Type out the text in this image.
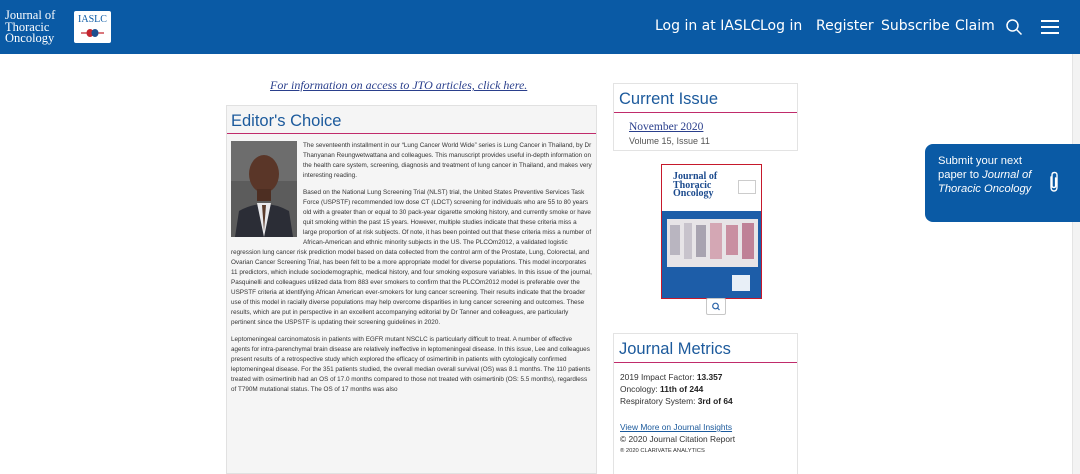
Journal of
Thoracic
Oncology
IASLC	Log in at IASLC Log in Register Subscribe Claim
For information on access to JTO articles, click here.
Editor's Choice

The seventeenth installment in our “Lung Cancer World Wide” series is Lung Cancer in Thailand, by Dr Thanyanan Reungwetwattana and colleagues. This manuscript provides useful in-depth information on the health care system, screening, diagnosis and treatment of lung cancer in Thailand, and makes very interesting reading.

Based on the National Lung Screening Trial (NLST) trial, the United States Preventive Services Task Force (USPSTF) recommended low dose CT (LDCT) screening for individuals who are 55 to 80 years old with a greater than or equal to 30 pack-year cigarette smoking history, and currently smoke or have quit smoking within the past 15 years. However, multiple studies indicate that these criteria miss a large proportion of at risk subjects. Of note, it has been pointed out that these criteria miss a number of African-American and ethnic minority subjects in the US. The PLCOm2012, a validated logistic regression lung cancer risk prediction model based on data collected from the control arm of the Prostate, Lung, Colorectal, and Ovarian Cancer Screening Trial, has been felt to be a more appropriate model for diverse populations. This model incorporates 11 predictors, which include sociodemographic, medical history, and four smoking exposure variables. In this issue of the journal, Pasquinelli and colleagues utilized data from 883 ever smokers to confirm that the PLCOm2012 model is preferable over the USPSTF criteria at identifying African American ever-smokers for lung cancer screening. Their results indicate that the broader use of this model in racially diverse populations may help overcome disparities in lung cancer screening and outcomes. These results, which are put in perspective in an excellent accompanying editorial by Dr Tanner and colleagues, are particularly pertinent since the USPSTF is updating their screening guidelines in 2020.

Leptomeningeal carcinomatosis in patients with EGFR mutant NSCLC is particularly difficult to treat. A number of effective agents for intra-parenchymal brain disease are relatively ineffective in leptomeningeal disease. In this issue, Lee and colleagues present results of a retrospective study which explored the efficacy of osimertinib in patients with cytologically confirmed leptomeningeal disease. For the 351 patients studied, the overall median overall survival (OS) was 8.1 months. The 110 patients treated with osimertinib had an OS of 17.0 months compared to those not treated with osimertinib (OS: 5.5 months), regardless of T790M mutational status. The OS of 17 months was also

Current Issue
November 2020
Volume 15, Issue 11
Journal of
Thoracic
Oncology
Journal Metrics
2019 Impact Factor: 13.357
Oncology: 11th of 244
Respiratory System: 3rd of 64
View More on Journal Insights
© 2020 Journal Citation Report
® 2020 CLARIVATE ANALYTICS
Submit your next paper to Journal of Thoracic Oncology
